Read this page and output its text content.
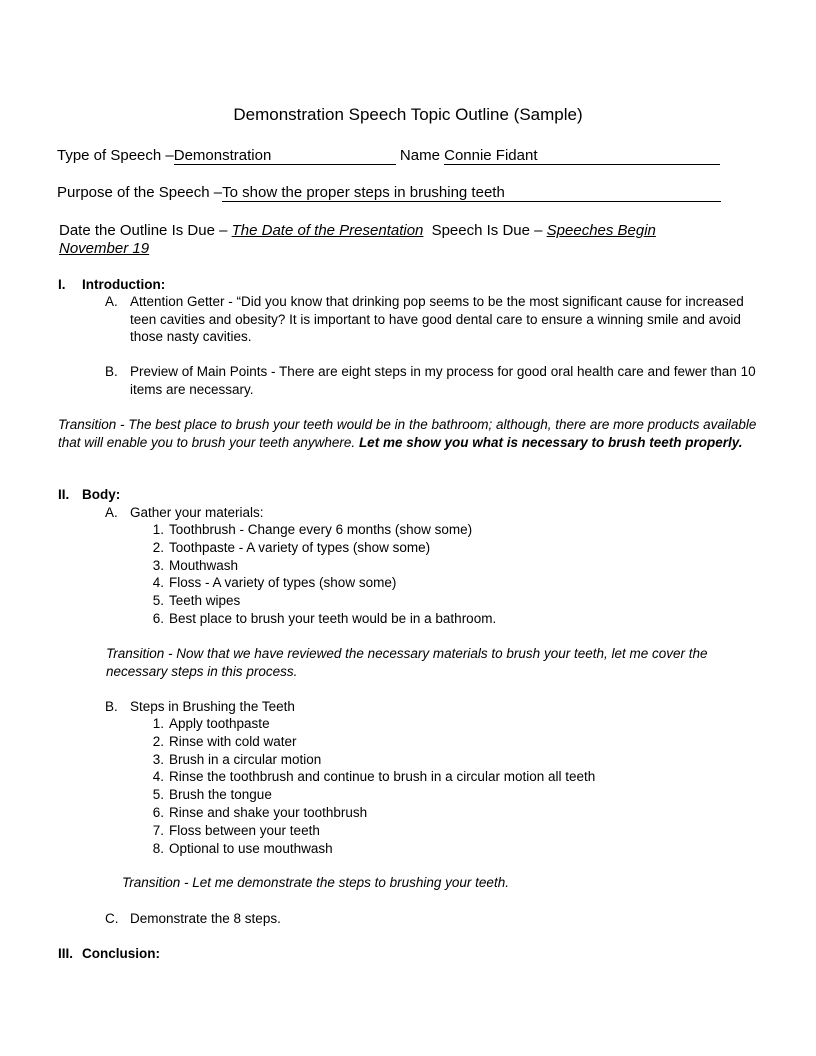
Demonstration Speech Topic Outline (Sample)
Type of Speech –Demonstration	Name Connie Fidant
Purpose of the Speech –To show the proper steps in brushing teeth
Date the Outline Is Due – The Date of the Presentation Speech Is Due – Speeches Begin
November 19
I. Introduction:
A. Attention Getter - “Did you know that drinking pop seems to be the most significant cause for increased teen cavities and obesity? It is important to have good dental care to ensure a winning smile and avoid those nasty cavities.
B. Preview of Main Points - There are eight steps in my process for good oral health care and fewer than 10 items are necessary.
Transition - The best place to brush your teeth would be in the bathroom; although, there are more products available that will enable you to brush your teeth anywhere. Let me show you what is necessary to brush teeth properly.
II. Body:
A. Gather your materials:
1. Toothbrush - Change every 6 months (show some)
2. Toothpaste - A variety of types (show some)
3. Mouthwash
4. Floss - A variety of types (show some)
5. Teeth wipes
6. Best place to brush your teeth would be in a bathroom.
Transition - Now that we have reviewed the necessary materials to brush your teeth, let me cover the necessary steps in this process.
B. Steps in Brushing the Teeth
1. Apply toothpaste
2. Rinse with cold water
3. Brush in a circular motion
4. Rinse the toothbrush and continue to brush in a circular motion all teeth
5. Brush the tongue
6. Rinse and shake your toothbrush
7. Floss between your teeth
8. Optional to use mouthwash
Transition - Let me demonstrate the steps to brushing your teeth.
C. Demonstrate the 8 steps.
III. Conclusion:
